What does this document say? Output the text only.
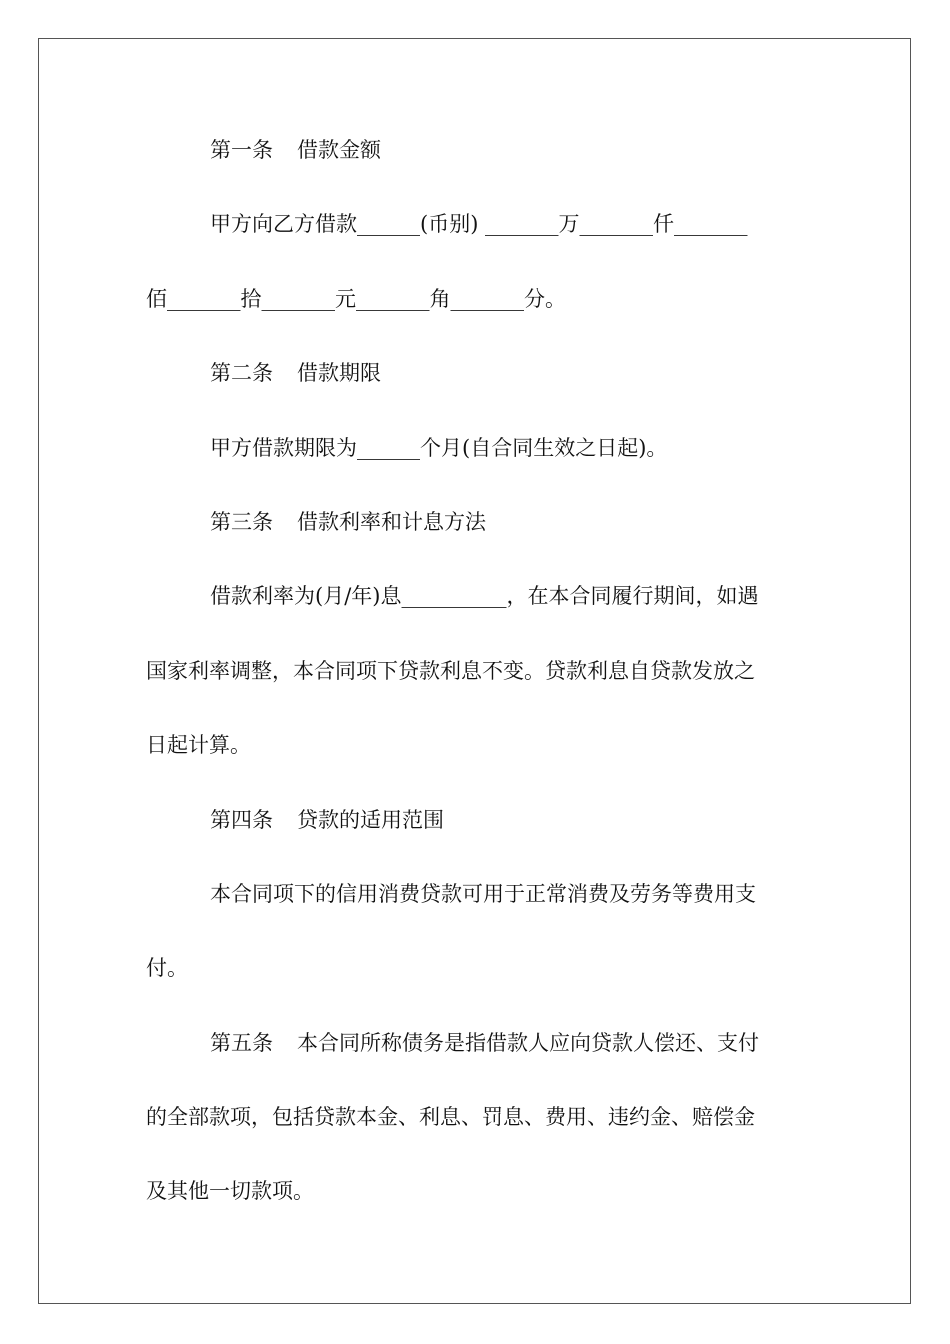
第一条 借款金额
甲方向乙方借款______(币别) _______万_______仟_______
佰_______拾_______元_______角_______分。
第二条 借款期限
甲方借款期限为______个月(自合同生效之日起)。
第三条 借款利率和计息方法
借款利率为(月/年)息__________，在本合同履行期间，如遇
国家利率调整，本合同项下贷款利息不变。贷款利息自贷款发放之
日起计算。
第四条 贷款的适用范围
本合同项下的信用消费贷款可用于正常消费及劳务等费用支
付。
第五条 本合同所称债务是指借款人应向贷款人偿还、支付
的全部款项，包括贷款本金、利息、罚息、费用、违约金、赔偿金
及其他一切款项。
